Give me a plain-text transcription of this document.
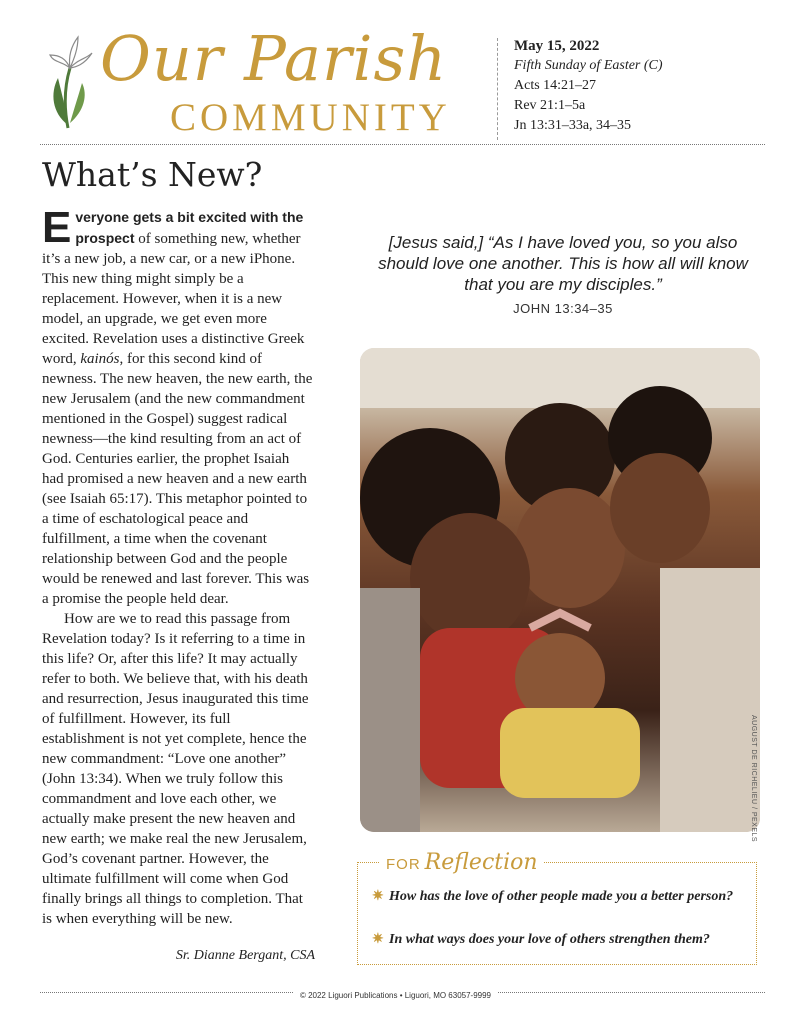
Our Parish
COMMUNITY
May 15, 2022
Fifth Sunday of Easter (C)
Acts 14:21–27
Rev 21:1–5a
Jn 13:31–33a, 34–35
What’s New?

Everyone gets a bit excited with the prospect of something new, whether it’s a new job, a new car, or a new iPhone. This new thing might simply be a replacement. However, when it is a new model, an upgrade, we get even more excited. Revelation uses a distinctive Greek word, kainós, for this second kind of newness. The new heaven, the new earth, the new Jerusalem (and the new commandment mentioned in the Gospel) suggest radical newness—the kind resulting from an act of God. Centuries earlier, the prophet Isaiah had promised a new heaven and a new earth (see Isaiah 65:17). This metaphor pointed to a time of eschatological peace and fulfillment, a time when the covenant relationship between God and the people would be renewed and last forever. This was a promise the people held dear.

How are we to read this passage from Revelation today? Is it referring to a time in this life? Or, after this life? It may actually refer to both. We believe that, with his death and resurrection, Jesus inaugurated this time of fulfillment. However, its full establishment is not yet complete, hence the new commandment: “Love one another” (John 13:34). When we truly follow this commandment and love each other, we actually make present the new heaven and new earth; we make real the new Jerusalem, God’s covenant partner. However, the ultimate fulfillment will come when God finally brings all things to completion. That is when everything will be new.

Sr. Dianne Bergant, CSA
[Jesus said,] “As I have loved you, so you also should love one another. This is how all will know that you are my disciples.”
JOHN 13:34–35
AUGUST DE RICHELIEU / PEXELS
FOR Reflection
✷ How has the love of other people made you a better person?
✷ In what ways does your love of others strengthen them?
© 2022 Liguori Publications • Liguori, MO 63057-9999
